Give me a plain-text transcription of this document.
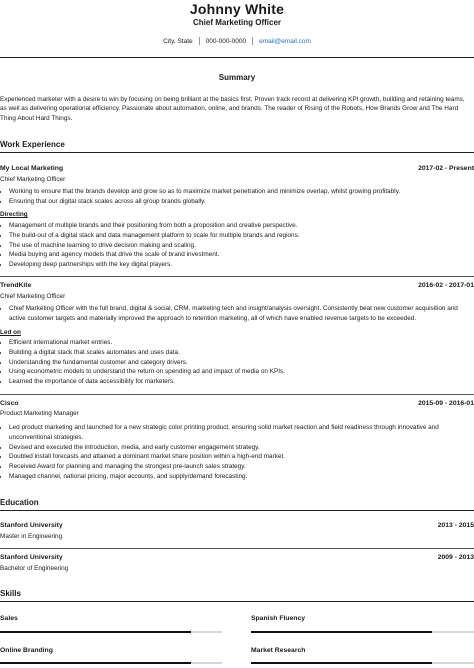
Johnny White
Chief Marketing Officer
City, State 000-000-0000 email@email.com
Summary
Experienced marketer with a desire to win by focusing on being brilliant at the basics first. Proven track record at delivering KPI growth, building and retaining teams, as well as delivering operational efficiency. Passionate about automation, online, and brands. The reader of Rising of the Robots, How Brands Grow and The Hard Thing About Hard Things.
Work Experience
My Local Marketing	2017-02 - Present
Chief Marketing Officer
• Working to ensure that the brands develop and grow so as to maximize market penetration and minimize overlap, whilst growing profitably.
• Ensuring that our digital stack scales across all group brands globally.
Directing
• Management of multiple brands and their positioning from both a proposition and creative perspective.
• The build-out of a digital stack and data management platform to scale for multiple brands and regions.
• The use of machine learning to drive decision making and scaling.
• Media buying and agency models that drive the scale of brand investment.
• Developing deep partnerships with the key digital players.
TrendKite	2016-02 - 2017-01
Chief Marketing Officer
• Chief Marketing Officer with the full brand, digital & social, CRM, marketing tech and insight/analysis oversight. Consistently beat new customer acquisition and active customer targets and materially improved the approach to retention marketing, all of which have enabled revenue targets to be exceeded.
Led on
• Efficient international market entries.
• Building a digital stack that scales automates and uses data.
• Understanding the fundamental customer and category drivers.
• Using econometric models to understand the return on spending ad and impact of media on KPIs.
• Learned the importance of data accessibility for marketers.
Cisco	2015-09 - 2016-01
Product Marketing Manager
• Led product marketing and launched for a new strategic color printing product, ensuring solid market reaction and field readiness through innovative and unconventional strategies.
• Devised and executed the introduction, media, and early customer engagement strategy.
• Doubled install forecasts and attained a dominant market share position within a high-end market.
• Received Award for planning and managing the strongest pre-launch sales strategy.
• Managed channel, national pricing, major accounts, and supply/demand forecasting.
Education
Stanford University	2013 - 2015
Master in Engineering
Stanford University	2009 - 2013
Bachelor of Engineering
Skills
Sales	Spanish Fluency
Online Branding	Market Research
